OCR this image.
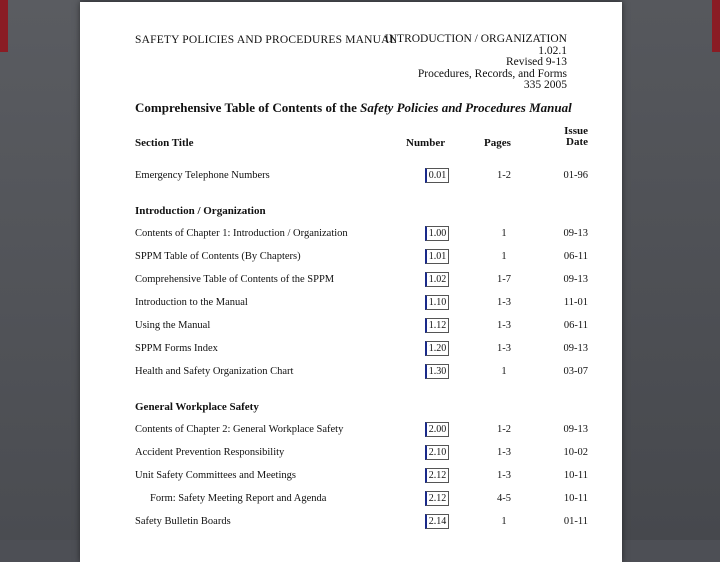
SAFETY POLICIES AND PROCEDURES MANUAL
INTRODUCTION / ORGANIZATION
1.02.1
Revised 9-13
Procedures, Records, and Forms
335 2005
Comprehensive Table of Contents of the Safety Policies and Procedures Manual
Section Title	Number	Pages
Issue
Date
Emergency Telephone Numbers	0.01	1-2	01-96
Introduction / Organization
Contents of Chapter 1: Introduction / Organization	1.00	1	09-13
SPPM Table of Contents (By Chapters)	1.01	1	06-11
Comprehensive Table of Contents of the SPPM	1.02	1-7	09-13
Introduction to the Manual	1.10	1-3	11-01
Using the Manual	1.12	1-3	06-11
SPPM Forms Index	1.20	1-3	09-13
Health and Safety Organization Chart	1.30	1	03-07
General Workplace Safety
Contents of Chapter 2: General Workplace Safety	2.00	1-2	09-13
Accident Prevention Responsibility	2.10	1-3	10-02
Unit Safety Committees and Meetings	2.12	1-3	10-11
Form: Safety Meeting Report and Agenda	2.12	4-5	10-11
Safety Bulletin Boards	2.14	1	01-11
